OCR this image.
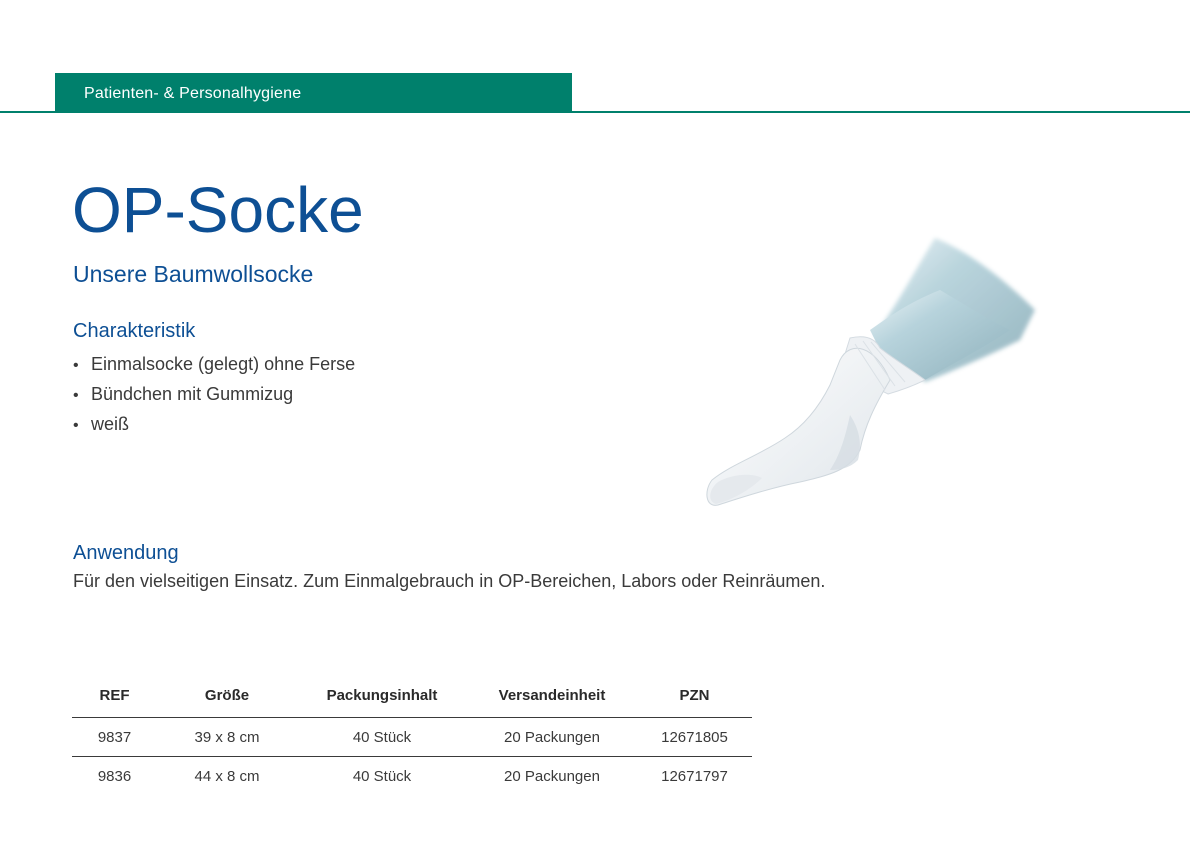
Patienten- & Personalhygiene
OP-Socke
Unsere Baumwollsocke
Charakteristik
• Einmalsocke (gelegt) ohne Ferse
• Bündchen mit Gummizug
• weiß
Anwendung
Für den vielseitigen Einsatz. Zum Einmalgebrauch in OP-Bereichen, Labors oder Reinräumen.
REF	Größe	Packungsinhalt	Versandeinheit	PZN
9837	39 x 8 cm	40 Stück	20 Packungen	12671805
9836	44 x 8 cm	40 Stück	20 Packungen	12671797
